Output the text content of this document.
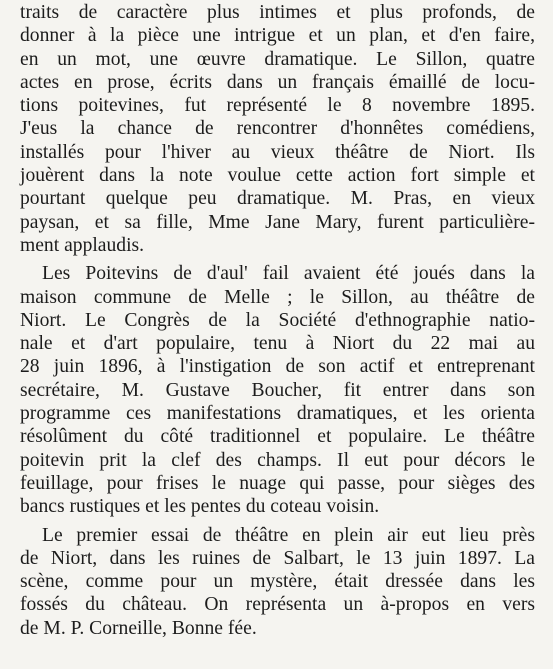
traits de caractère plus intimes et plus profonds, de
donner à la pièce une intrigue et un plan, et d'en faire,
en un mot, une œuvre dramatique. Le Sillon, quatre
actes en prose, écrits dans un français émaillé de locu-
tions poitevines, fut représenté le 8 novembre 1895.
J'eus la chance de rencontrer d'honnêtes comédiens,
installés pour l'hiver au vieux théâtre de Niort. Ils
jouèrent dans la note voulue cette action fort simple et
pourtant quelque peu dramatique. M. Pras, en vieux
paysan, et sa fille, Mme Jane Mary, furent particulière-
ment applaudis.
Les Poitevins de d'aul' fail avaient été joués dans la
maison commune de Melle ; le Sillon, au théâtre de
Niort. Le Congrès de la Société d'ethnographie natio-
nale et d'art populaire, tenu à Niort du 22 mai au
28 juin 1896, à l'instigation de son actif et entreprenant
secrétaire, M. Gustave Boucher, fit entrer dans son
programme ces manifestations dramatiques, et les orienta
résolûment du côté traditionnel et populaire. Le théâtre
poitevin prit la clef des champs. Il eut pour décors le
feuillage, pour frises le nuage qui passe, pour sièges des
bancs rustiques et les pentes du coteau voisin.
Le premier essai de théâtre en plein air eut lieu près
de Niort, dans les ruines de Salbart, le 13 juin 1897. La
scène, comme pour un mystère, était dressée dans les
fossés du château. On représenta un à-propos en vers
de M. P. Corneille, Bonne fée.
